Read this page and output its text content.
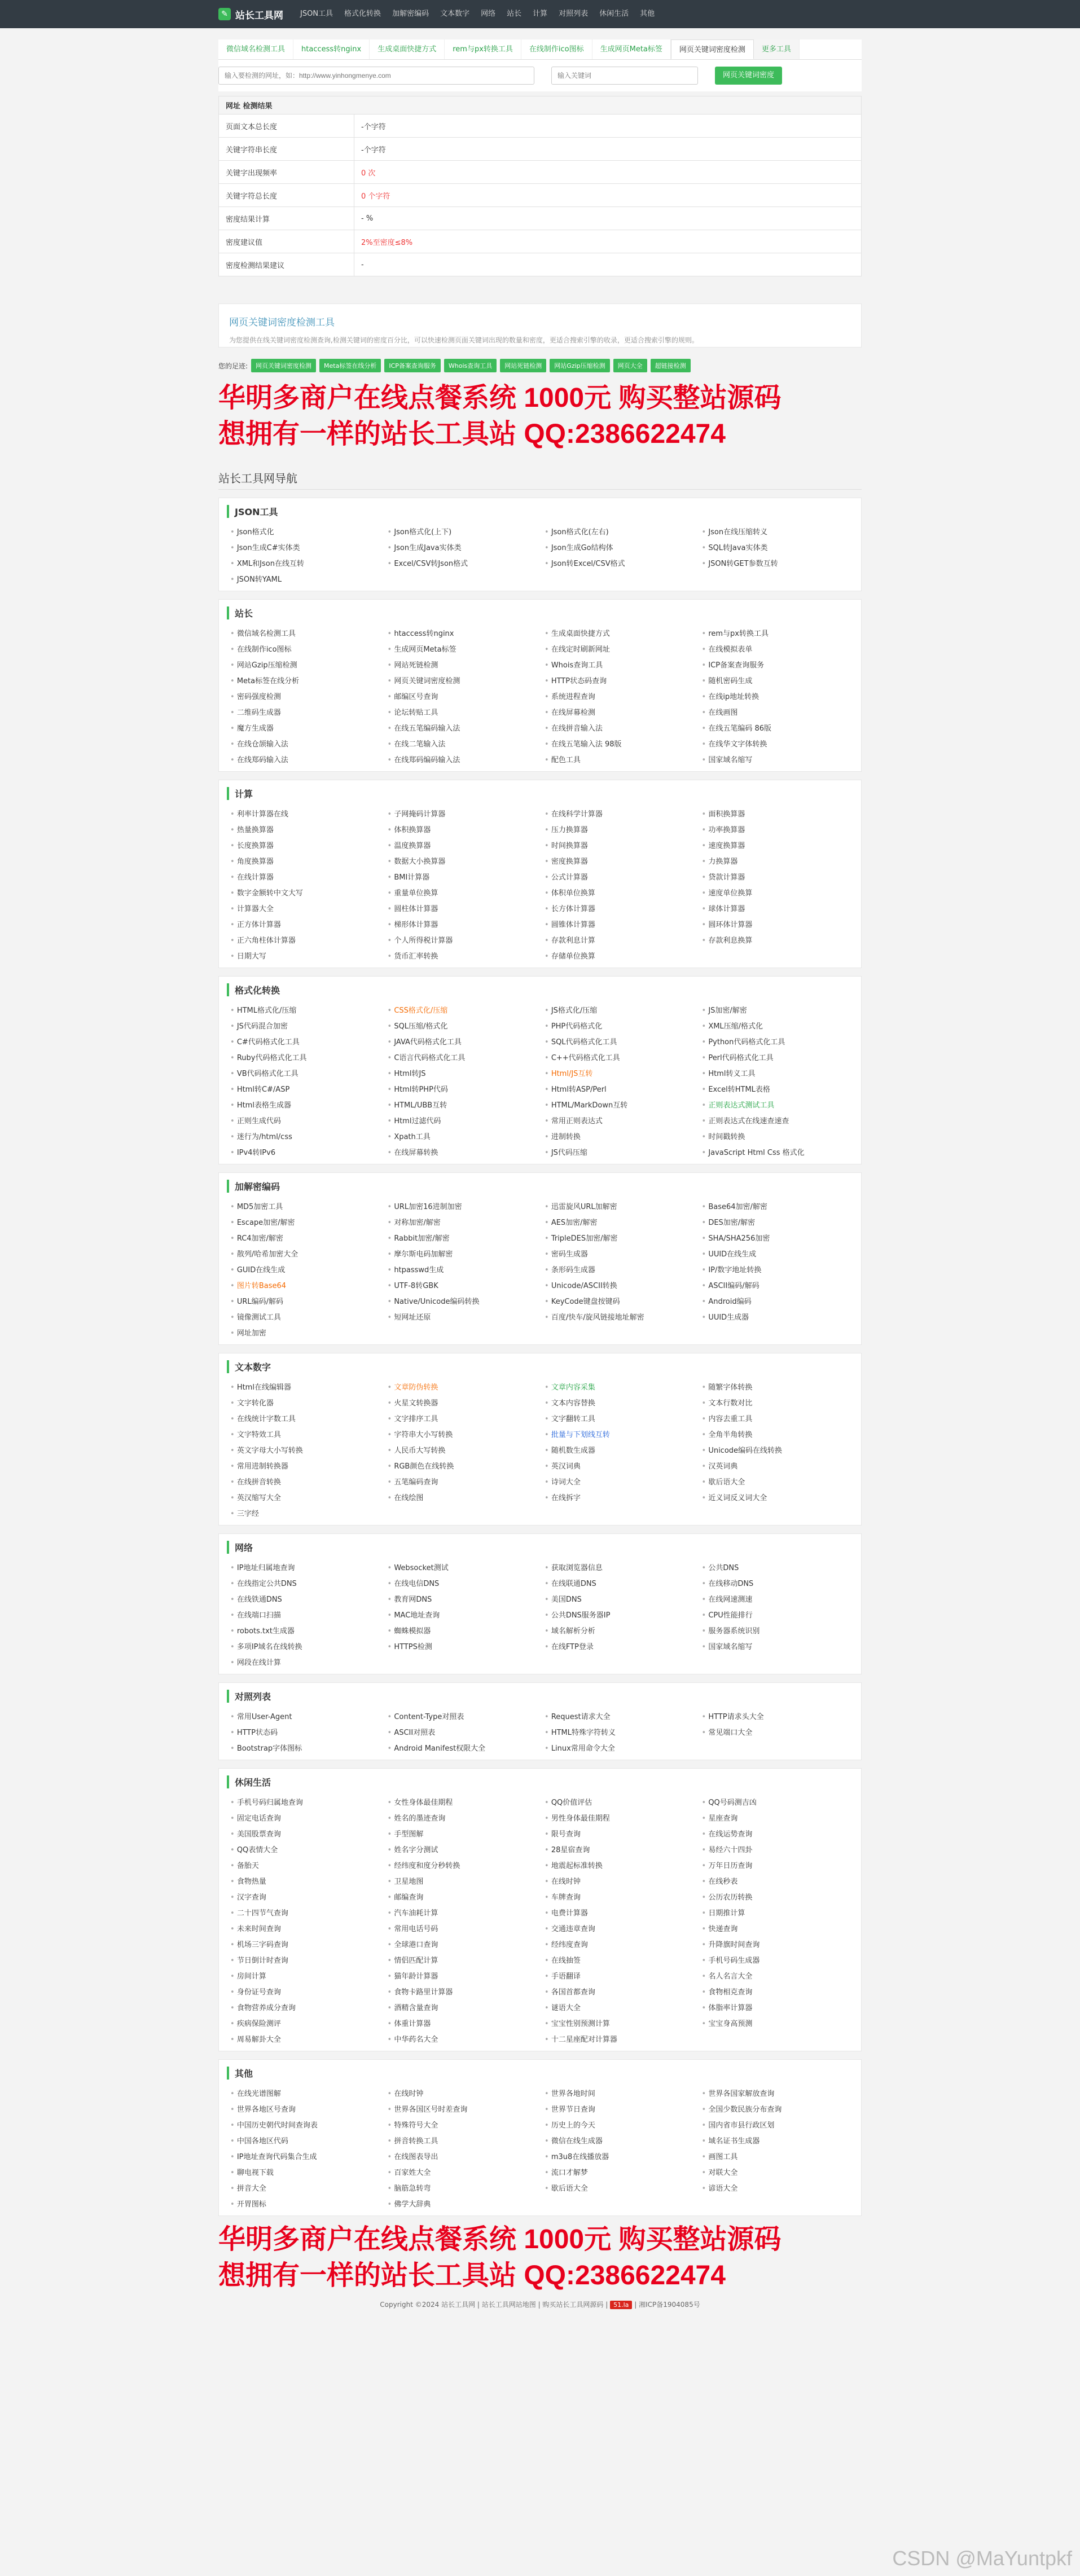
✎ 站长工具网	JSON工具	格式化转换	加解密编码	文本数字	网络	站长	计算	对照列表	休闲生活	其他
微信域名检测工具	htaccess转nginx	生成桌面快捷方式	rem与px转换工具	在线制作ico图标	生成网页Meta标签	网页关键词密度检测	更多工具
输入要检测的网址，如：http://www.yinhongmenye.com
输入关键词
网页关键词密度
网址 检测结果	
页面文本总长度	-个字符
关键字符串长度	-个字符
关键字出现频率	0 次
关键字符总长度	0 个字符
密度结果计算	- %
密度建议值	2%至密度≤8%
密度检测结果建议	-
网页关键词密度检测工具
为您提供在线关键词密度检测查询,检测关键词的密度百分比，可以快速检测页面关键词出现的数量和密度，更适合搜索引擎的收录，更适合搜索引擎的规则。
您的足迹:	网页关键词密度检测	Meta标签在线分析	ICP备案查询服务	Whois查询工具	网站死链检测	网站Gzip压缩检测	网页大全	超链接检测
华明多商户在线点餐系统 1000元 购买整站源码
想拥有一样的站长工具站 QQ:2386622474
站长工具网导航
JSON工具
• Json格式化	• Json格式化(上下)	• Json格式化(左右)	• Json在线压缩转义
• Json生成C#实体类	• Json生成Java实体类	• Json生成Go结构体	• SQL转Java实体类
• XML和Json在线互转	• Excel/CSV转Json格式	• Json转Excel/CSV格式	• JSON转GET参数互转
• JSON转YAML
站长
• 微信域名检测工具	• htaccess转nginx	• 生成桌面快捷方式	• rem与px转换工具
• 在线制作ico图标	• 生成网页Meta标签	• 在线定时刷新网址	• 在线模拟表单
• 网站Gzip压缩检测	• 网站死链检测	• Whois查询工具	• ICP备案查询服务
• Meta标签在线分析	• 网页关键词密度检测	• HTTP状态码查询	• 随机密码生成
• 密码强度检测	• 邮编区号查询	• 系统进程查询	• 在线ip地址转换
• 二维码生成器	• 论坛转贴工具	• 在线屏幕检测	• 在线画图
• 魔方生成器	• 在线五笔编码输入法	• 在线拼音输入法	• 在线五笔编码 86版
• 在线仓颉输入法	• 在线二笔输入法	• 在线五笔输入法 98版	• 在线华文字体转换
• 在线郑码输入法	• 在线郑码编码输入法	• 配色工具	• 国家域名缩写
计算
• 利率计算器在线	• 子网掩码计算器	• 在线科学计算器	• 面积换算器
• 热量换算器	• 体积换算器	• 压力换算器	• 功率换算器
• 长度换算器	• 温度换算器	• 时间换算器	• 速度换算器
• 角度换算器	• 数据大小换算器	• 密度换算器	• 力换算器
• 在线计算器	• BMI计算器	• 公式计算器	• 贷款计算器
• 数字金额转中文大写	• 重量单位换算	• 体积单位换算	• 速度单位换算
• 计算器大全	• 圆柱体计算器	• 长方体计算器	• 球体计算器
• 正方体计算器	• 梯形体计算器	• 圆锥体计算器	• 圆环体计算器
• 正六角柱体计算器	• 个人所得税计算器	• 存款利息计算	• 存款利息换算
• 日期大写	• 货币汇率转换	• 存储单位换算
格式化转换
• HTML格式化/压缩	• CSS格式化/压缩	• JS格式化/压缩	• JS加密/解密
• JS代码混合加密	• SQL压缩/格式化	• PHP代码格式化	• XML压缩/格式化
• C#代码格式化工具	• JAVA代码格式化工具	• SQL代码格式化工具	• Python代码格式化工具
• Ruby代码格式化工具	• C语言代码格式化工具	• C++代码格式化工具	• Perl代码格式化工具
• VB代码格式化工具	• Html转JS	• Html/JS互转	• Html转义工具
• Html转C#/ASP	• Html转PHP代码	• Html转ASP/Perl	• Excel转HTML表格
• Html表格生成器	• HTML/UBB互转	• HTML/MarkDown互转	• 正则表达式测试工具
• 正则生成代码	• Html过滤代码	• 常用正则表达式	• 正则表达式在线速查速查
• 迷行为/html/css	• Xpath工具	• 进制转换	• 时间戳转换
• IPv4转IPv6	• 在线屏幕转换	• JS代码压缩	• JavaScript Html Css 格式化
加解密编码
• MD5加密工具	• URL加密16进制加密	• 迅雷旋风URL加解密	• Base64加密/解密
• Escape加密/解密	• 对称加密/解密	• AES加密/解密	• DES加密/解密
• RC4加密/解密	• Rabbit加密/解密	• TripleDES加密/解密	• SHA/SHA256加密
• 散列/哈希加密大全	• 摩尔斯电码加解密	• 密码生成器	• UUID在线生成
• GUID在线生成	• htpasswd生成	• 条形码生成器	• IP/数字地址转换
• 图片转Base64	• UTF-8转GBK	• Unicode/ASCII转换	• ASCII编码/解码
• URL编码/解码	• Native/Unicode编码转换	• KeyCode键盘按键码	• Android编码
• 镜像测试工具	• 短网址还原	• 百度/快车/旋风链接地址解密	• UUID生成器
• 网址加密
文本数字
• Html在线编辑器	• 文章防伪转换	• 文章内容采集	• 随繁字体转换
• 文字转化器	• 火星文转换器	• 文本内容替换	• 文本行数对比
• 在线统计字数工具	• 文字排序工具	• 文字翻转工具	• 内容去重工具
• 文字特效工具	• 字符串大小写转换	• 批量与下划线互转	• 全角半角转换
• 英文字母大小写转换	• 人民币大写转换	• 随机数生成器	• Unicode编码在线转换
• 常用进制转换器	• RGB颜色在线转换	• 英汉词典	• 汉英词典
• 在线拼音转换	• 五笔编码查询	• 诗词大全	• 歇后语大全
• 英汉缩写大全	• 在线绘图	• 在线拆字	• 近义词反义词大全
• 三字经
网络
• IP地址归属地查询	• Websocket测试	• 获取浏览器信息	• 公共DNS
• 在线指定公共DNS	• 在线电信DNS	• 在线联通DNS	• 在线移动DNS
• 在线铁通DNS	• 教育网DNS	• 美国DNS	• 在线网速测速
• 在线端口扫描	• MAC地址查询	• 公共DNS服务器IP	• CPU性能排行
• robots.txt生成器	• 蜘蛛模拟器	• 域名解析分析	• 服务器系统识别
• 多项IP域名在线转换	• HTTPS检测	• 在线FTP登录	• 国家域名缩写
• 网段在线计算
对照列表
• 常用User-Agent	• Content-Type对照表	• Request请求大全	• HTTP请求头大全
• HTTP状态码	• ASCII对照表	• HTML特殊字符转义	• 常见端口大全
• Bootstrap字体图标	• Android Manifest权限大全	• Linux常用命令大全
休闲生活
• 手机号码归属地查询	• 女性身体最佳期程	• QQ价值评估	• QQ号码测吉凶
• 固定电话查询	• 姓名的墨迹查询	• 男性身体最佳期程	• 星座查询
• 美国股票查询	• 手型图解	• 限号查询	• 在线运势查询
• QQ表情大全	• 姓名字分测试	• 28星宿查询	• 易经六十四卦
• 备胎天	• 经纬度和度分秒转换	• 地震起标准转换	• 万年日历查询
• 食物热量	• 卫星地图	• 在线时钟	• 在线秒表
• 汉字查询	• 邮编查询	• 车牌查询	• 公历农历转换
• 二十四节气查询	• 汽车油耗计算	• 电费计算器	• 日期推计算
• 未来时间查询	• 常用电话号码	• 交通违章查询	• 快递查询
• 机场三字码查询	• 全球港口查询	• 经纬度查询	• 升降旗时间查询
• 节日倒计时查询	• 情侣匹配计算	• 在线抽签	• 手机号码生成器
• 房间计算	• 猫年龄计算器	• 手语翻译	• 名人名言大全
• 身份证号查询	• 食物卡路里计算器	• 各国首都查询	• 食物相克查询
• 食物营养成分查询	• 酒精含量查询	• 谜语大全	• 体脂率计算器
• 疾病保险测评	• 体重计算器	• 宝宝性别预测计算	• 宝宝身高预测
• 周易解卦大全	• 中华药名大全	• 十二星座配对计算器
其他
• 在线光谱图解	• 在线时钟	• 世界各地时间	• 世界各国家解放查询
• 世界各地区号查询	• 世界各国区号时差查询	• 世界节日查询	• 全国少数民族分布查询
• 中国历史朝代时间查询表	• 特殊符号大全	• 历史上的今天	• 国内省市县行政区划
• 中国各地区代码	• 拼音转换工具	• 微信在线生成器	• 域名证书生成器
• IP地址查询代码集合生成	• 在线图表导出	• m3u8在线播放器	• 画图工具
• 聊电视下载	• 百家姓大全	• 流口才解梦	• 对联大全
• 拼音大全	• 脑筋急转弯	• 歇后语大全	• 谚语大全
• 开胃图标	• 佛学大辞典
华明多商户在线点餐系统 1000元 购买整站源码
想拥有一样的站长工具站 QQ:2386622474
Copyright ©2024 站长工具网 | 站长工具网站地图 | 购买站长工具网源码 | 51.la | 湘ICP备1904085号
CSDN @MaYuntpkf
